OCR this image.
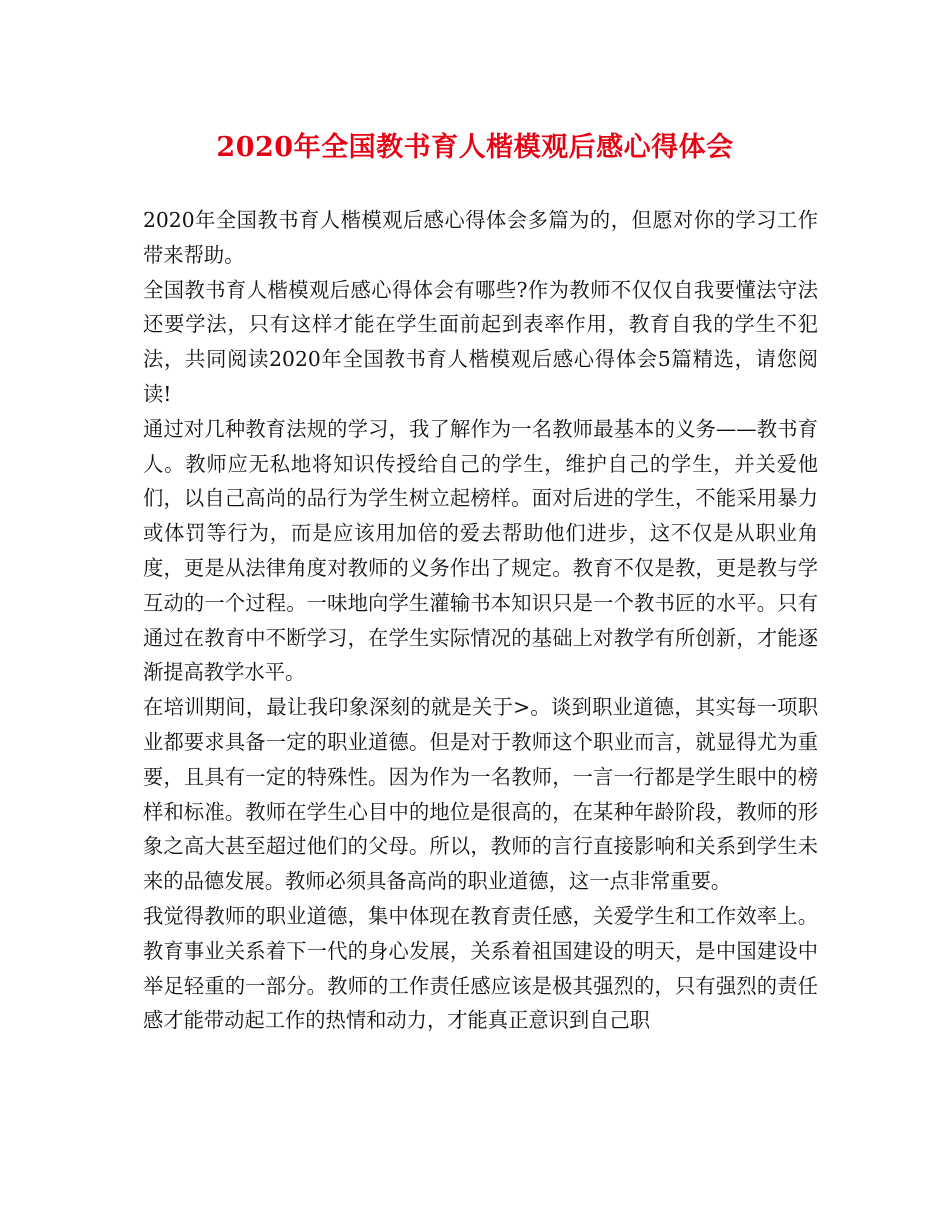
2020年全国教书育人楷模观后感心得体会

2020年全国教书育人楷模观后感心得体会多篇为的，但愿对你的学习工作带来帮助。

全国教书育人楷模观后感心得体会有哪些?作为教师不仅仅自我要懂法守法还要学法，只有这样才能在学生面前起到表率作用，教育自我的学生不犯法，共同阅读2020年全国教书育人楷模观后感心得体会5篇精选，请您阅读!

通过对几种教育法规的学习，我了解作为一名教师最基本的义务——教书育人。教师应无私地将知识传授给自己的学生，维护自己的学生，并关爱他们，以自己高尚的品行为学生树立起榜样。面对后进的学生，不能采用暴力或体罚等行为，而是应该用加倍的爱去帮助他们进步，这不仅是从职业角度，更是从法律角度对教师的义务作出了规定。教育不仅是教，更是教与学互动的一个过程。一味地向学生灌输书本知识只是一个教书匠的水平。只有通过在教育中不断学习，在学生实际情况的基础上对教学有所创新，才能逐渐提高教学水平。

在培训期间，最让我印象深刻的就是关于>。谈到职业道德，其实每一项职业都要求具备一定的职业道德。但是对于教师这个职业而言，就显得尤为重要，且具有一定的特殊性。因为作为一名教师，一言一行都是学生眼中的榜样和标准。教师在学生心目中的地位是很高的，在某种年龄阶段，教师的形象之高大甚至超过他们的父母。所以，教师的言行直接影响和关系到学生未来的品德发展。教师必须具备高尚的职业道德，这一点非常重要。

我觉得教师的职业道德，集中体现在教育责任感，关爱学生和工作效率上。教育事业关系着下一代的身心发展，关系着祖国建设的明天，是中国建设中举足轻重的一部分。教师的工作责任感应该是极其强烈的，只有强烈的责任感才能带动起工作的热情和动力，才能真正意识到自己职
